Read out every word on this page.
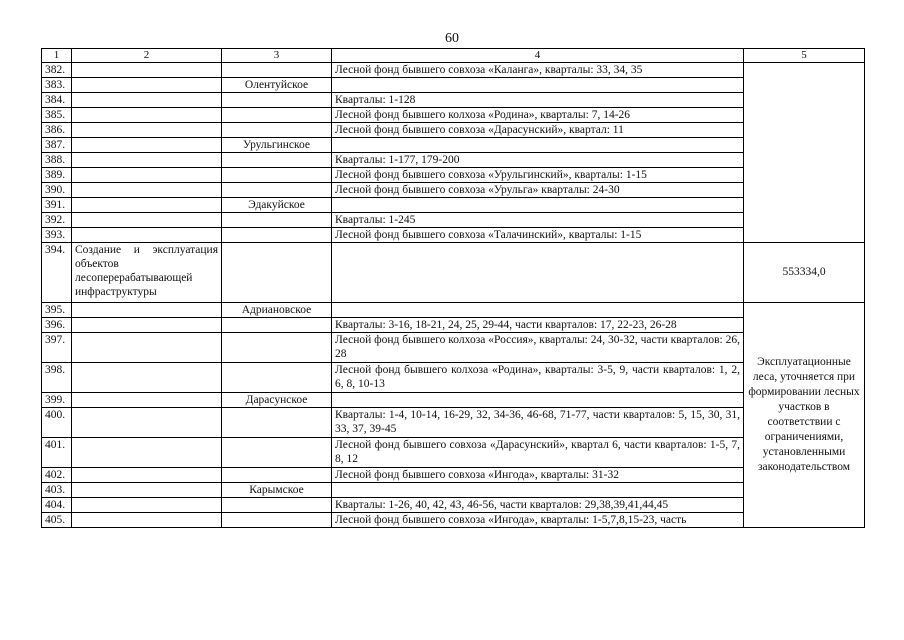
60
1	2	3	4	5
382.			Лесной фонд бывшего совхоза «Каланга», кварталы: 33, 34, 35	
383.		Олентуйское		
384.			Кварталы: 1-128	
385.			Лесной фонд бывшего колхоза «Родина», кварталы: 7, 14-26	
386.			Лесной фонд бывшего совхоза «Дарасунский», квартал: 11	
387.		Урульгинское		
388.			Кварталы: 1-177, 179-200	
389.			Лесной фонд бывшего совхоза «Урульгинский», кварталы: 1-15	
390.			Лесной фонд бывшего совхоза «Урульга» кварталы: 24-30	
391.		Эдакуйское		
392.			Кварталы: 1-245	
393.			Лесной фонд бывшего совхоза «Талачинский», кварталы: 1-15	
394.	Создание и эксплуатация объектов лесоперерабатывающей инфраструктуры			553334,0
395.		Адриановское		Эксплуатационные леса, уточняется при формировании лесных участков в соответствии с ограничениями, установленными законодательством
396.			Кварталы: 3-16, 18-21, 24, 25, 29-44, части кварталов: 17, 22-23, 26-28	
397.			Лесной фонд бывшего колхоза «Россия», кварталы: 24, 30-32, части кварталов: 26, 28	
398.			Лесной фонд бывшего колхоза «Родина», кварталы: 3-5, 9, части кварталов: 1, 2, 6, 8, 10-13	
399.		Дарасунское		
400.			Кварталы: 1-4, 10-14, 16-29, 32, 34-36, 46-68, 71-77, части кварталов: 5, 15, 30, 31, 33, 37, 39-45	
401.			Лесной фонд бывшего совхоза «Дарасунский», квартал 6, части кварталов: 1-5, 7, 8, 12	
402.			Лесной фонд бывшего совхоза «Ингода», кварталы: 31-32	
403.		Карымское		
404.			Кварталы: 1-26, 40, 42, 43, 46-56, части кварталов: 29,38,39,41,44,45	
405.			Лесной фонд бывшего совхоза «Ингода», кварталы: 1-5,7,8,15-23, часть	
